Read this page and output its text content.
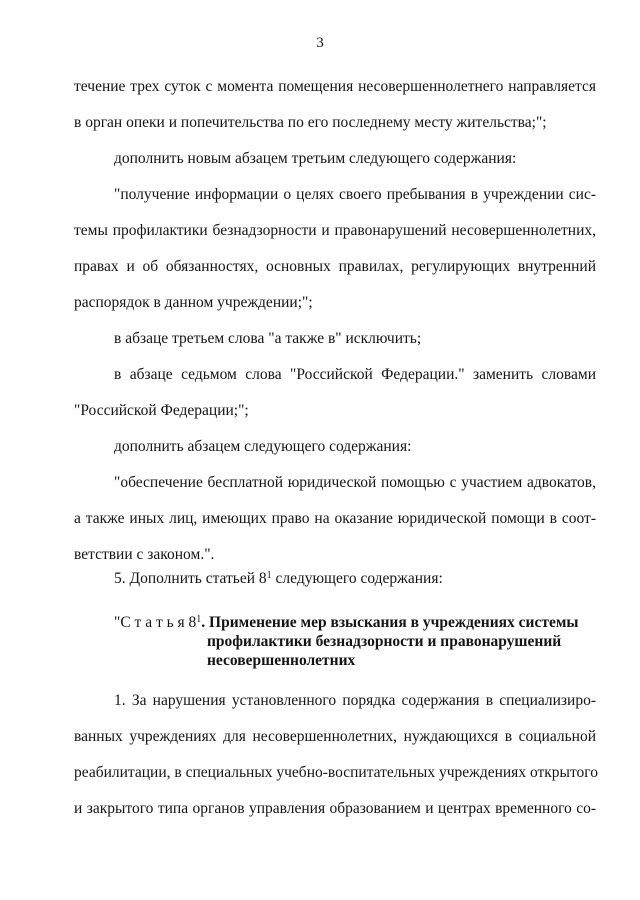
3
течение трех суток с момента помещения несовершеннолетнего направляется
в орган опеки и попечительства по его последнему месту жительства;";
дополнить новым абзацем третьим следующего содержания:
"получение информации о целях своего пребывания в учреждении сис-
темы профилактики безнадзорности и правонарушений несовершеннолетних,
правах и об обязанностях, основных правилах, регулирующих внутренний
распорядок в данном учреждении;";
в абзаце третьем слова "а также в" исключить;
в абзаце седьмом слова "Российской Федерации." заменить словами
"Российской Федерации;";
дополнить абзацем следующего содержания:
"обеспечение бесплатной юридической помощью с участием адвокатов,
а также иных лиц, имеющих право на оказание юридической помощи в соот-
ветствии с законом.".
5. Дополнить статьей $8^1$ следующего содержания:
"С т а т ь я $8^1$. Применение мер взыскания в учреждениях системы
профилактики безнадзорности и правонарушений
несовершеннолетних
1. За нарушения установленного порядка содержания в специализиро-
ванных учреждениях для несовершеннолетних, нуждающихся в социальной
реабилитации, в специальных учебно-воспитательных учреждениях открытого
и закрытого типа органов управления образованием и центрах временного со-
